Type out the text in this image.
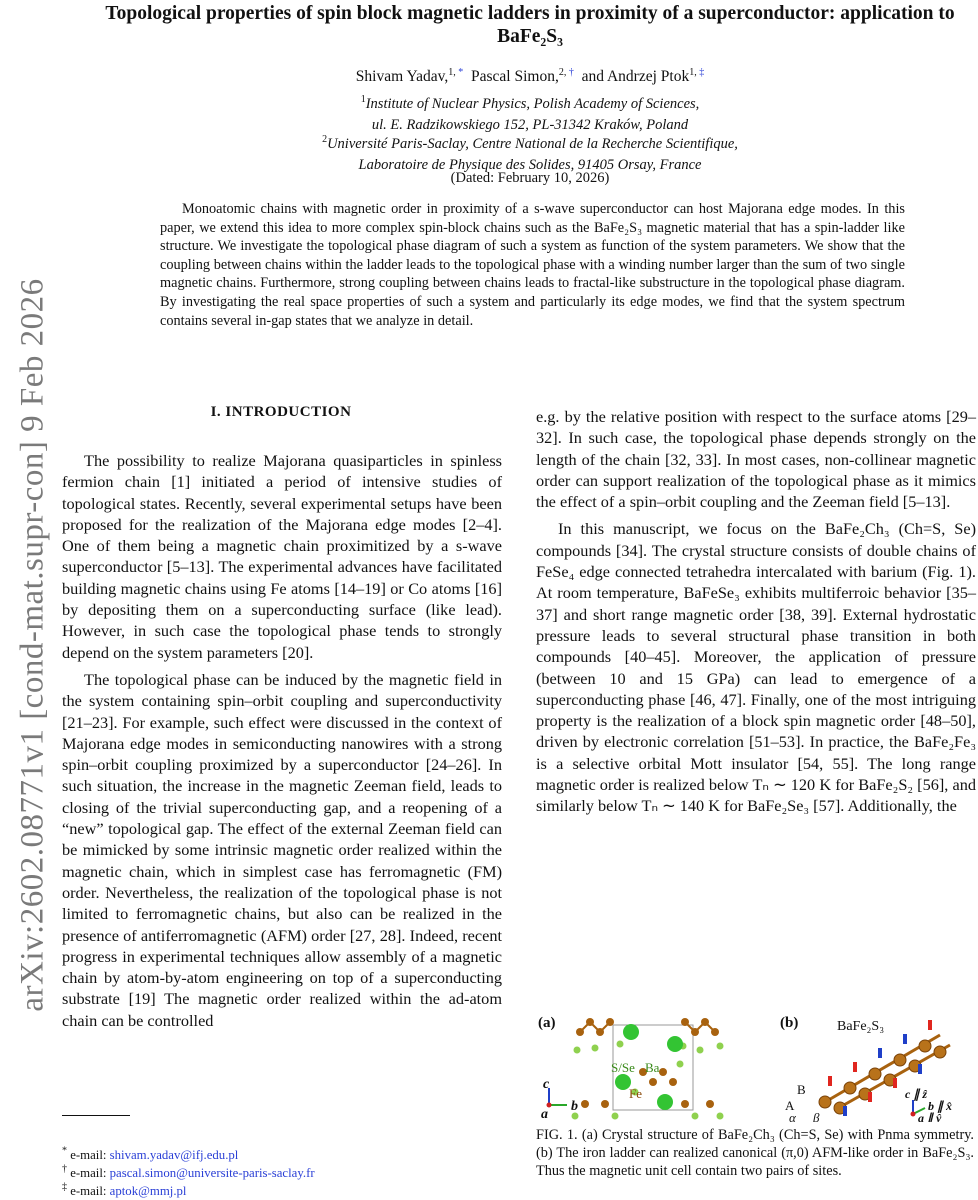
arXiv:2602.08771v1 [cond-mat.supr-con] 9 Feb 2026
Topological properties of spin block magnetic ladders in proximity of a superconductor: application to BaFe₂S₃
Shivam Yadav,$^{1,}$ * Pascal Simon,$^{2,}$ † and Andrzej Ptok$^{1,}$ ‡
$^1$Institute of Nuclear Physics, Polish Academy of Sciences,
ul. E. Radzikowskiego 152, PL-31342 Kraków, Poland
$^2$Université Paris-Saclay, Centre National de la Recherche Scientifique,
Laboratoire de Physique des Solides, 91405 Orsay, France
(Dated: February 10, 2026)
Monoatomic chains with magnetic order in proximity of a s-wave superconductor can host Majorana edge modes. In this paper, we extend this idea to more complex spin-block chains such as the BaFe₂S₃ magnetic material that has a spin-ladder like structure. We investigate the topological phase diagram of such a system as function of the system parameters. We show that the coupling between chains within the ladder leads to the topological phase with a winding number larger than the sum of two single magnetic chains. Furthermore, strong coupling between chains leads to fractal-like substructure in the topological phase diagram. By investigating the real space properties of such a system and particularly its edge modes, we find that the system spectrum contains several in-gap states that we analyze in detail.
I. INTRODUCTION

The possibility to realize Majorana quasiparticles in spinless fermion chain [1] initiated a period of intensive studies of topological states. Recently, several experimental setups have been proposed for the realization of the Majorana edge modes [2–4]. One of them being a magnetic chain proximitized by a s-wave superconductor [5–13]. The experimental advances have facilitated building magnetic chains using Fe atoms [14–19] or Co atoms [16] by depositing them on a superconducting surface (like lead). However, in such case the topological phase tends to strongly depend on the system parameters [20].

The topological phase can be induced by the magnetic field in the system containing spin–orbit coupling and superconductivity [21–23]. For example, such effect were discussed in the context of Majorana edge modes in semiconducting nanowires with a strong spin–orbit coupling proximized by a superconductor [24–26]. In such situation, the increase in the magnetic Zeeman field, leads to closing of the trivial superconducting gap, and a reopening of a “new” topological gap. The effect of the external Zeeman field can be mimicked by some intrinsic magnetic order realized within the magnetic chain, which in simplest case has ferromagnetic (FM) order. Nevertheless, the realization of the topological phase is not limited to ferromagnetic chains, but also can be realized in the presence of antiferromagnetic (AFM) order [27, 28]. Indeed, recent progress in experimental techniques allow assembly of a magnetic chain by atom-by-atom engineering on top of a superconducting substrate [19] The magnetic order realized within the ad-atom chain can be controlled

e.g. by the relative position with respect to the surface atoms [29–32]. In such case, the topological phase depends strongly on the length of the chain [32, 33]. In most cases, non-collinear magnetic order can support realization of the topological phase as it mimics the effect of a spin–orbit coupling and the Zeeman field [5–13].

In this manuscript, we focus on the BaFe₂Ch₃ (Ch=S, Se) compounds [34]. The crystal structure consists of double chains of FeSe₄ edge connected tetrahedra intercalated with barium (Fig. 1). At room temperature, BaFeSe₃ exhibits multiferroic behavior [35–37] and short range magnetic order [38, 39]. External hydrostatic pressure leads to several structural phase transition in both compounds [40–45]. Moreover, the application of pressure (between 10 and 15 GPa) can lead to emergence of a superconducting phase [46, 47]. Finally, one of the most intriguing property is the realization of a block spin magnetic order [48–50], driven by electronic correlation [51–53]. In practice, the BaFe₂Fe₃ is a selective orbital Mott insulator [54, 55]. The long range magnetic order is realized below Tₙ ∼ 120 K for BaFe₂S₂ [56], and similarly below Tₙ ∼ 140 K for BaFe₂Se₃ [57]. Additionally, the

(a)
S/Se Ba
Fe
c
a
b
(b)	BaFe₂S₃
B
A
α β
c ∥ ẑ
b ∥ x̂
a ∥ ŷ
FIG. 1. (a) Crystal structure of BaFe₂Ch₃ (Ch=S, Se) with Pnma symmetry. (b) The iron ladder can realized canonical (π,0) AFM-like order in BaFe₂S₃. Thus the magnetic unit cell contain two pairs of sites.
* e-mail: shivam.yadav@ifj.edu.pl
† e-mail: pascal.simon@universite-paris-saclay.fr
‡ e-mail: aptok@mmj.pl
